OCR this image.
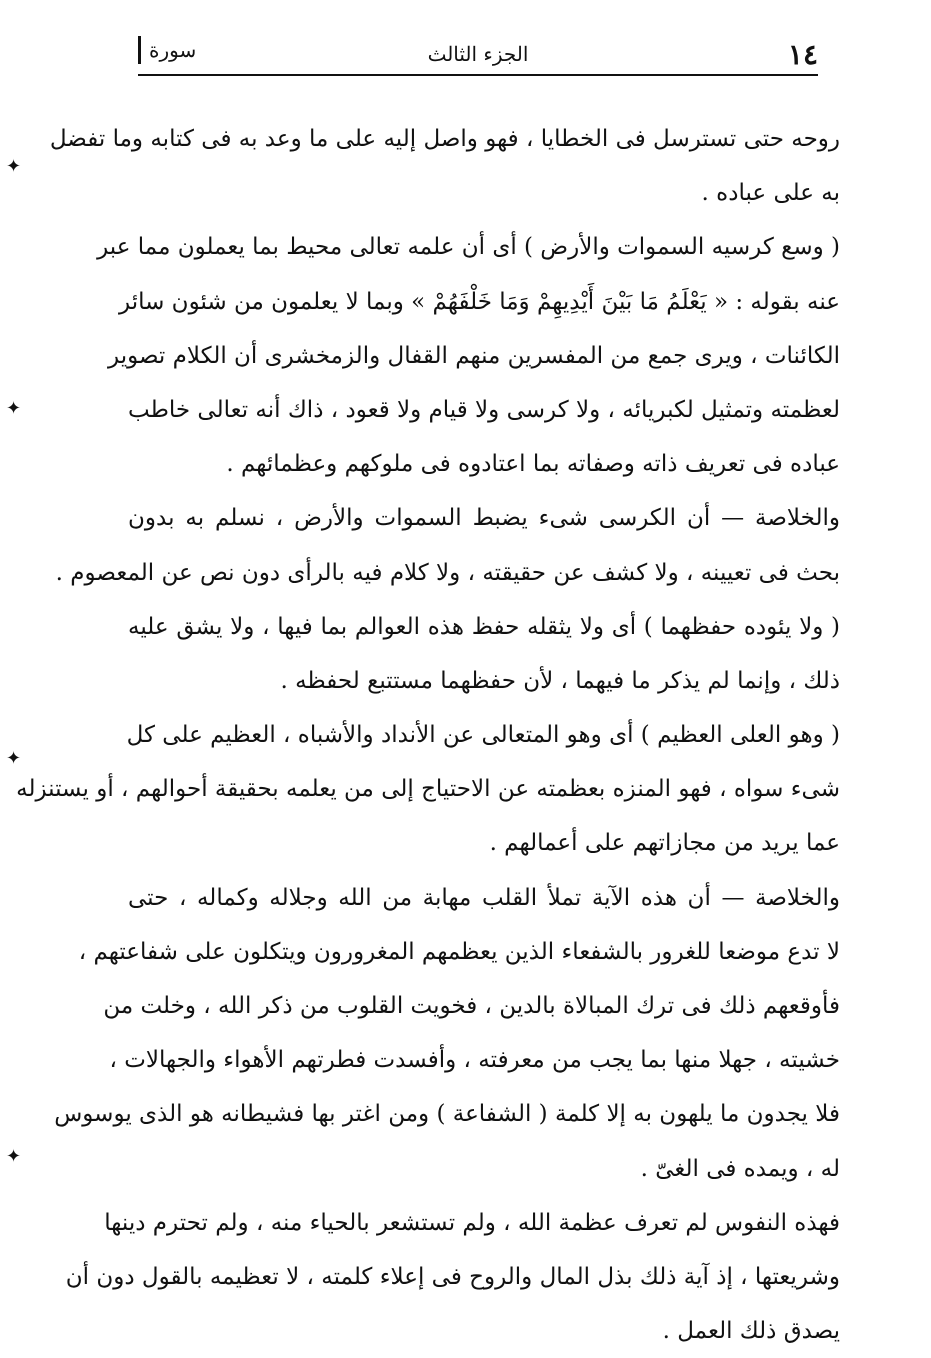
١٤
الجزء الثالث
سورة
✦
✦
✦
✦
روحه حتى تسترسل فى الخطايا ، فهو واصل إليه على ما وعد به فى كتابه وما تفضل
به على عباده .
( وسع كرسيه السموات والأرض ) أى أن علمه تعالى محيط بما يعملون مما عبر
عنه بقوله : « يَعْلَمُ مَا بَيْنَ أَيْدِيهِمْ وَمَا خَلْفَهُمْ » وبما لا يعلمون من شئون سائر
الكائنات ، ويرى جمع من المفسرين منهم القفال والزمخشرى أن الكلام تصوير
لعظمته وتمثيل لكبريائه ، ولا كرسى ولا قيام ولا قعود ، ذاك أنه تعالى خاطب
عباده فى تعريف ذاته وصفاته بما اعتادوه فى ملوكهم وعظمائهم .
والخلاصة — أن الكرسى شىء يضبط السموات والأرض ، نسلم به بدون
بحث فى تعيينه ، ولا كشف عن حقيقته ، ولا كلام فيه بالرأى دون نص عن المعصوم .
( ولا يئوده حفظهما ) أى ولا يثقله حفظ هذه العوالم بما فيها ، ولا يشق عليه
ذلك ، وإنما لم يذكر ما فيهما ، لأن حفظهما مستتبع لحفظه .
( وهو العلى العظيم ) أى وهو المتعالى عن الأنداد والأشباه ، العظيم على كل
شىء سواه ، فهو المنزه بعظمته عن الاحتياج إلى من يعلمه بحقيقة أحوالهم ، أو يستنزله
عما يريد من مجازاتهم على أعمالهم .
والخلاصة — أن هذه الآية تملأ القلب مهابة من الله وجلاله وكماله ، حتى
لا تدع موضعا للغرور بالشفعاء الذين يعظمهم المغرورون ويتكلون على شفاعتهم ،
فأوقعهم ذلك فى ترك المبالاة بالدين ، فخويت القلوب من ذكر الله ، وخلت من
خشيته ، جهلا منها بما يجب من معرفته ، وأفسدت فطرتهم الأهواء والجهالات ،
فلا يجدون ما يلهون به إلا كلمة ( الشفاعة ) ومن اغتر بها فشيطانه هو الذى يوسوس
له ، ويمده فى الغىّ .
فهذه النفوس لم تعرف عظمة الله ، ولم تستشعر بالحياء منه ، ولم تحترم دينها
وشريعتها ، إذ آية ذلك بذل المال والروح فى إعلاء كلمته ، لا تعظيمه بالقول دون أن
يصدق ذلك العمل .
